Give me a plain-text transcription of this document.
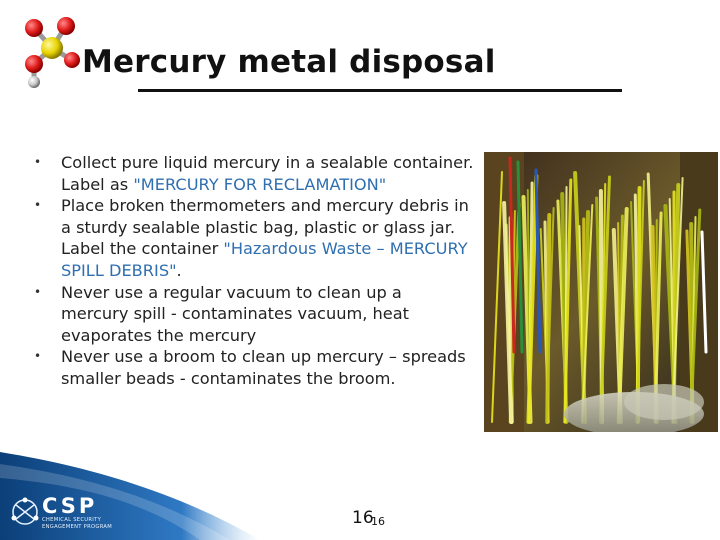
Mercury metal disposal
• Collect pure liquid mercury in a sealable container. Label as "MERCURY FOR RECLAMATION"
• Place broken thermometers and mercury debris in a sturdy sealable plastic bag, plastic or glass jar. Label the container "Hazardous Waste – MERCURY SPILL DEBRIS".
• Never use a regular vacuum to clean up a mercury spill - contaminates vacuum, heat evaporates the mercury
• Never use a broom to clean up mercury – spreads smaller beads - contaminates the broom.
CSP
CHEMICAL SECURITY
ENGAGEMENT PROGRAM	16
16
